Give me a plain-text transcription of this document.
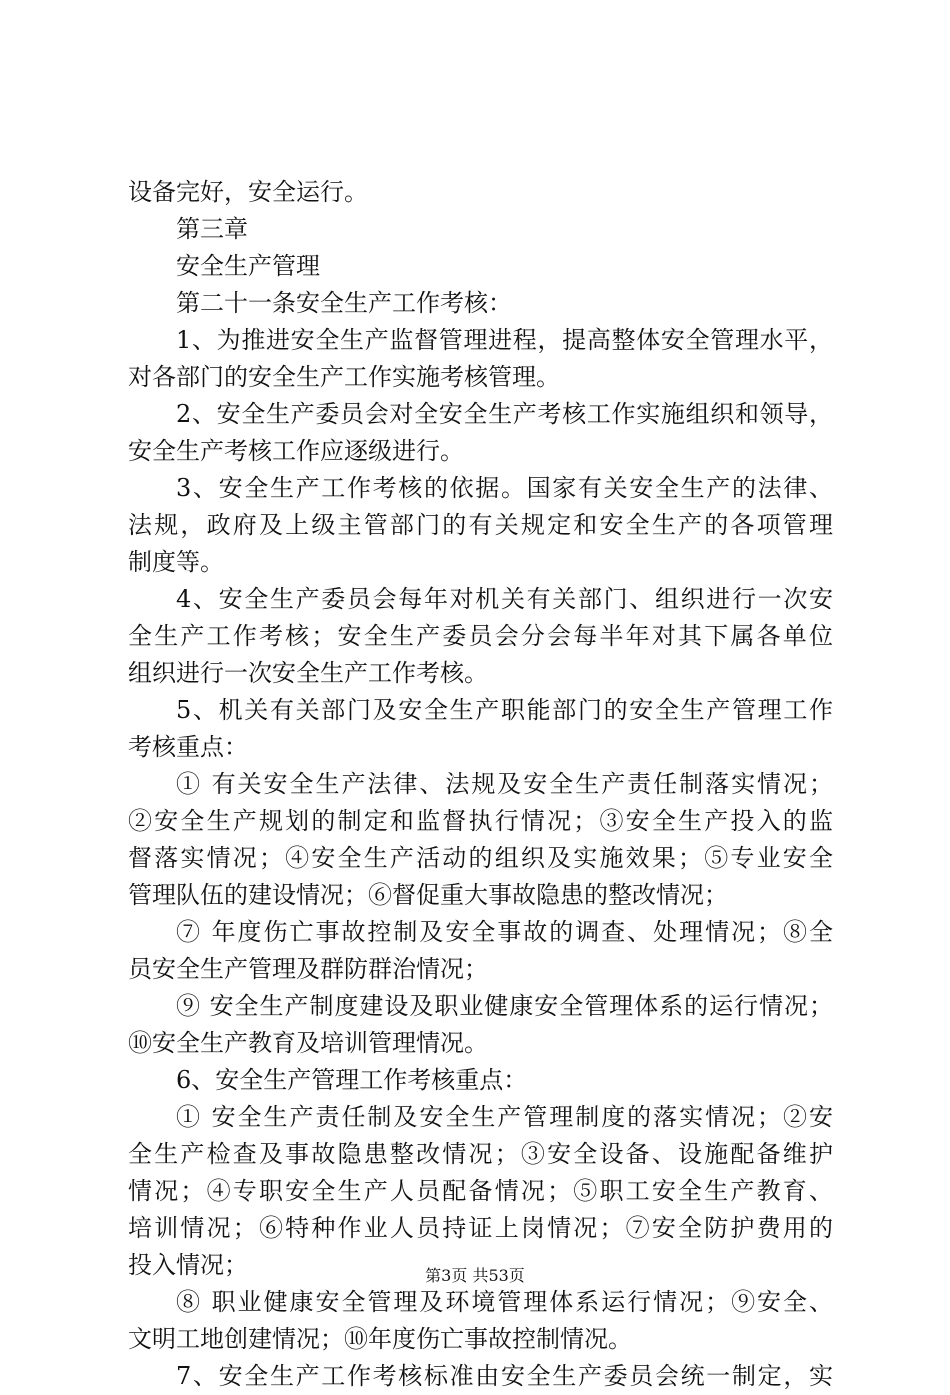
设备完好，安全运行。
第三章
安全生产管理
第二十一条安全生产工作考核：
1、为推进安全生产监督管理进程，提高整体安全管理水平，
对各部门的安全生产工作实施考核管理。
2、安全生产委员会对全安全生产考核工作实施组织和领导，
安全生产考核工作应逐级进行。
3、安全生产工作考核的依据。国家有关安全生产的法律、
法规，政府及上级主管部门的有关规定和安全生产的各项管理
制度等。
4、安全生产委员会每年对机关有关部门、组织进行一次安
全生产工作考核；安全生产委员会分会每半年对其下属各单位
组织进行一次安全生产工作考核。
5、机关有关部门及安全生产职能部门的安全生产管理工作
考核重点：
① 有关安全生产法律、法规及安全生产责任制落实情况；
②安全生产规划的制定和监督执行情况；③安全生产投入的监
督落实情况；④安全生产活动的组织及实施效果；⑤专业安全
管理队伍的建设情况；⑥督促重大事故隐患的整改情况；
⑦ 年度伤亡事故控制及安全事故的调查、处理情况；⑧全
员安全生产管理及群防群治情况；
⑨ 安全生产制度建设及职业健康安全管理体系的运行情况；
⑩安全生产教育及培训管理情况。
6、安全生产管理工作考核重点：
① 安全生产责任制及安全生产管理制度的落实情况；②安
全生产检查及事故隐患整改情况；③安全设备、设施配备维护
情况；④专职安全生产人员配备情况；⑤职工安全生产教育、
培训情况；⑥特种作业人员持证上岗情况；⑦安全防护费用的
投入情况；
⑧ 职业健康安全管理及环境管理体系运行情况；⑨安全、
文明工地创建情况；⑩年度伤亡事故控制情况。
7、安全生产工作考核标准由安全生产委员会统一制定，实
第3页 共53页
